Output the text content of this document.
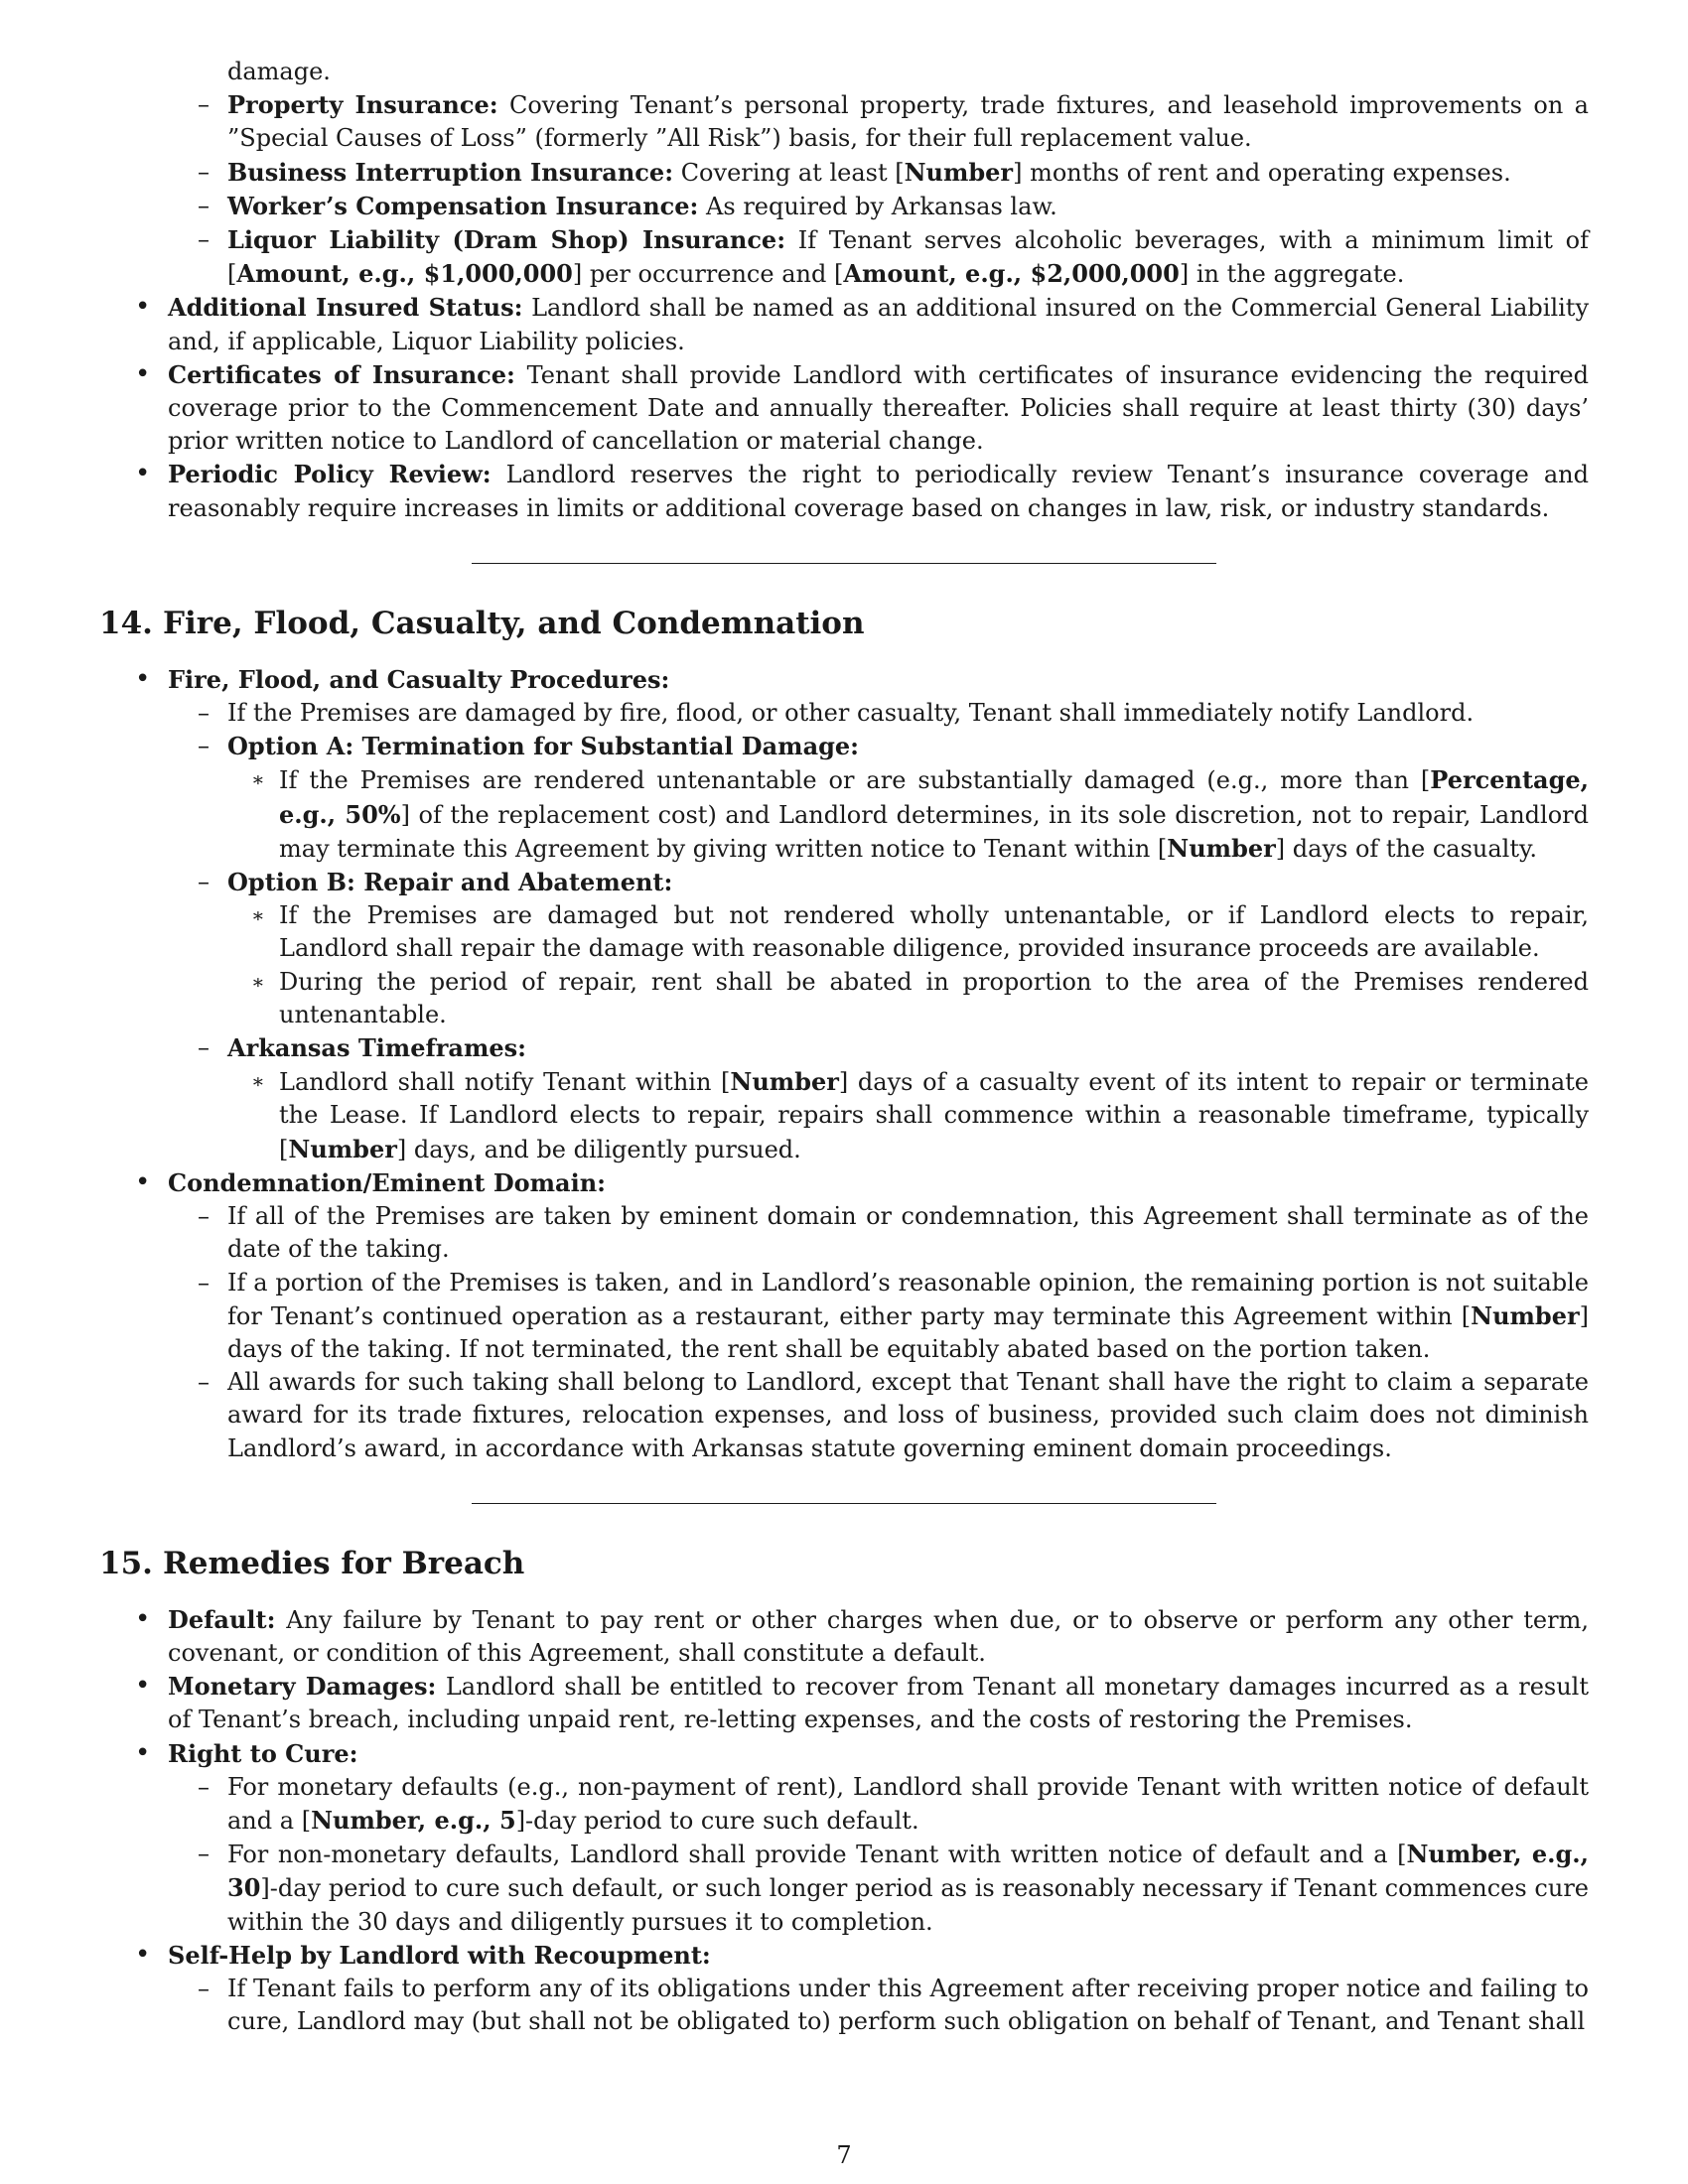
damage.
– Property Insurance: Covering Tenant’s personal property, trade fixtures, and leasehold improvements on a ”Special Causes of Loss” (formerly ”All Risk”) basis, for their full replacement value.
– Business Interruption Insurance: Covering at least [Number] months of rent and operating expenses.
– Worker’s Compensation Insurance: As required by Arkansas law.
– Liquor Liability (Dram Shop) Insurance: If Tenant serves alcoholic beverages, with a minimum limit of [Amount, e.g., $1,000,000] per occurrence and [Amount, e.g., $2,000,000] in the aggregate.
• Additional Insured Status: Landlord shall be named as an additional insured on the Commercial General Liability and, if applicable, Liquor Liability policies.
• Certificates of Insurance: Tenant shall provide Landlord with certificates of insurance evidencing the required coverage prior to the Commencement Date and annually thereafter. Policies shall require at least thirty (30) days’ prior written notice to Landlord of cancellation or material change.
• Periodic Policy Review: Landlord reserves the right to periodically review Tenant’s insurance coverage and reasonably require increases in limits or additional coverage based on changes in law, risk, or industry standards.
14. Fire, Flood, Casualty, and Condemnation
• Fire, Flood, and Casualty Procedures:
– If the Premises are damaged by fire, flood, or other casualty, Tenant shall immediately notify Landlord.
– Option A: Termination for Substantial Damage:
∗ If the Premises are rendered untenantable or are substantially damaged (e.g., more than [Percentage, e.g., 50%] of the replacement cost) and Landlord determines, in its sole discretion, not to repair, Landlord may terminate this Agreement by giving written notice to Tenant within [Number] days of the casualty.
– Option B: Repair and Abatement:
∗ If the Premises are damaged but not rendered wholly untenantable, or if Landlord elects to repair, Landlord shall repair the damage with reasonable diligence, provided insurance proceeds are available.
∗ During the period of repair, rent shall be abated in proportion to the area of the Premises rendered untenantable.
– Arkansas Timeframes:
∗ Landlord shall notify Tenant within [Number] days of a casualty event of its intent to repair or terminate the Lease. If Landlord elects to repair, repairs shall commence within a reasonable timeframe, typically [Number] days, and be diligently pursued.
• Condemnation/Eminent Domain:
– If all of the Premises are taken by eminent domain or condemnation, this Agreement shall terminate as of the date of the taking.
– If a portion of the Premises is taken, and in Landlord’s reasonable opinion, the remaining portion is not suitable for Tenant’s continued operation as a restaurant, either party may terminate this Agreement within [Number] days of the taking. If not terminated, the rent shall be equitably abated based on the portion taken.
– All awards for such taking shall belong to Landlord, except that Tenant shall have the right to claim a separate award for its trade fixtures, relocation expenses, and loss of business, provided such claim does not diminish Landlord’s award, in accordance with Arkansas statute governing eminent domain proceedings.
15. Remedies for Breach
• Default: Any failure by Tenant to pay rent or other charges when due, or to observe or perform any other term, covenant, or condition of this Agreement, shall constitute a default.
• Monetary Damages: Landlord shall be entitled to recover from Tenant all monetary damages incurred as a result of Tenant’s breach, including unpaid rent, re-letting expenses, and the costs of restoring the Premises.
• Right to Cure:
– For monetary defaults (e.g., non-payment of rent), Landlord shall provide Tenant with written notice of default and a [Number, e.g., 5]-day period to cure such default.
– For non-monetary defaults, Landlord shall provide Tenant with written notice of default and a [Number, e.g., 30]-day period to cure such default, or such longer period as is reasonably necessary if Tenant commences cure within the 30 days and diligently pursues it to completion.
• Self-Help by Landlord with Recoupment:
– If Tenant fails to perform any of its obligations under this Agreement after receiving proper notice and failing to cure, Landlord may (but shall not be obligated to) perform such obligation on behalf of Tenant, and Tenant shall
7
